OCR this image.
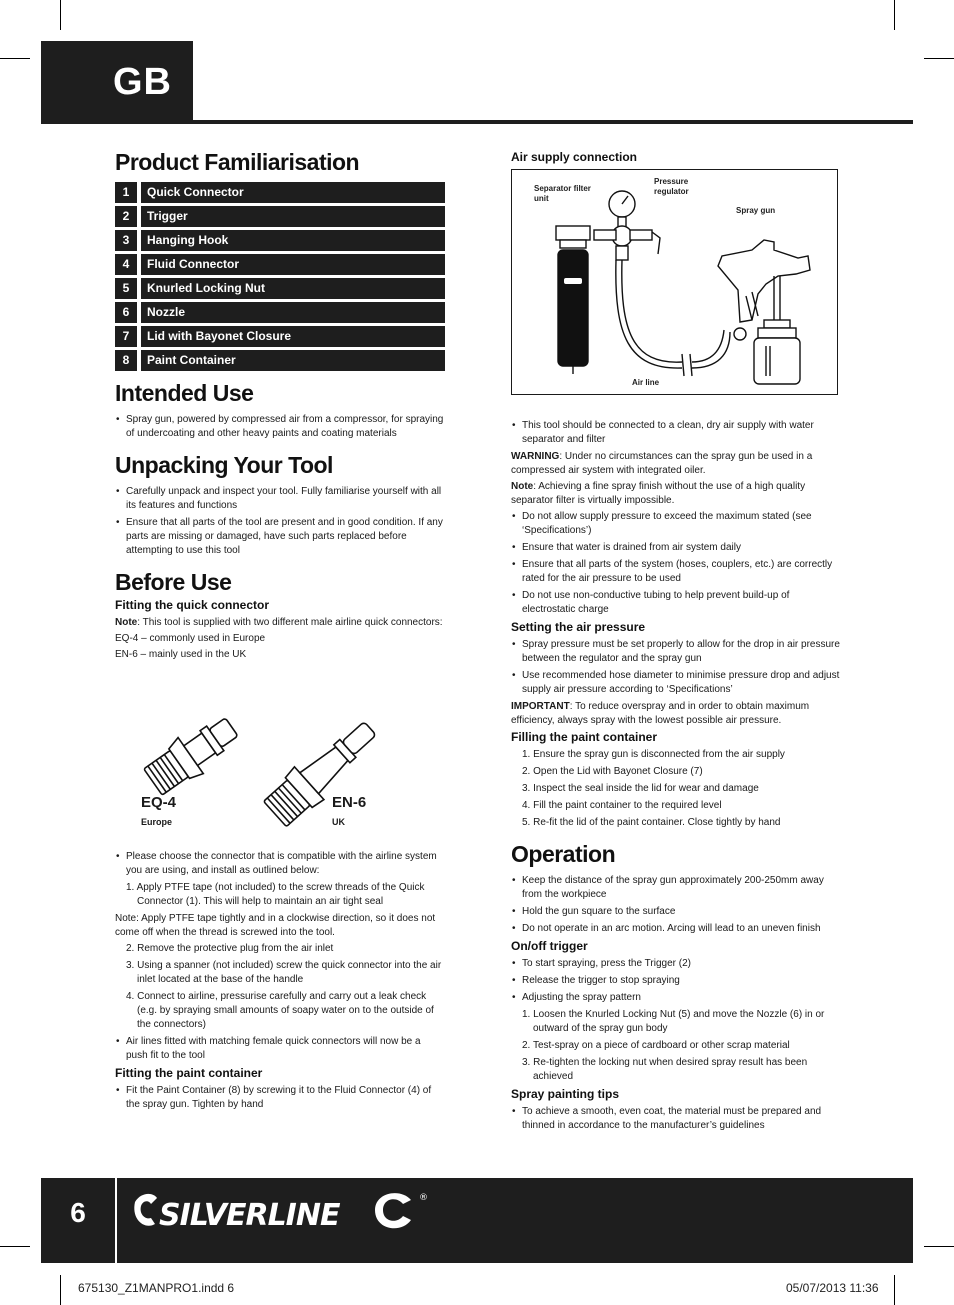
GB
Product Familiarisation
1	Quick Connector
2	Trigger
3	Hanging Hook
4	Fluid Connector
5	Knurled Locking Nut
6	Nozzle
7	Lid with Bayonet Closure
8	Paint Container
Intended Use
• Spray gun, powered by compressed air from a compressor, for spraying of undercoating and other heavy paints and coating materials
Unpacking Your Tool
• Carefully unpack and inspect your tool. Fully familiarise yourself with all its features and functions
• Ensure that all parts of the tool are present and in good condition. If any parts are missing or damaged, have such parts replaced before attempting to use this tool
Before Use
Fitting the quick connector

Note: This tool is supplied with two different male airline quick connectors:

EQ-4 – commonly used in Europe

EN-6 – mainly used in the UK

EQ-4
Europe
EN-6
UK
• Please choose the connector that is compatible with the airline system you are using, and install as outlined below:
1. Apply PTFE tape (not included) to the screw threads of the Quick Connector (1). This will help to maintain an air tight seal

Note: Apply PTFE tape tightly and in a clockwise direction, so it does not come off when the thread is screwed into the tool.

2. Remove the protective plug from the air inlet
3. Using a spanner (not included) screw the quick connector into the air inlet located at the base of the handle
4. Connect to airline, pressurise carefully and carry out a leak check (e.g. by spraying small amounts of soapy water on to the outside of the connectors)
• Air lines fitted with matching female quick connectors will now be a push fit to the tool
Fitting the paint container
• Fit the Paint Container (8) by screwing it to the Fluid Connector (4) of the spray gun. Tighten by hand
Air supply connection
Separator filter unit
Pressure regulator
Spray gun
Air line
• This tool should be connected to a clean, dry air supply with water separator and filter

WARNING: Under no circumstances can the spray gun be used in a compressed air system with integrated oiler.

Note: Achieving a fine spray finish without the use of a high quality separator filter is virtually impossible.

• Do not allow supply pressure to exceed the maximum stated (see ‘Specifications’)
• Ensure that water is drained from air system daily
• Ensure that all parts of the system (hoses, couplers, etc.) are correctly rated for the air pressure to be used
• Do not use non-conductive tubing to help prevent build-up of electrostatic charge
Setting the air pressure
• Spray pressure must be set properly to allow for the drop in air pressure between the regulator and the spray gun
• Use recommended hose diameter to minimise pressure drop and adjust supply air pressure according to ‘Specifications’

IMPORTANT: To reduce overspray and in order to obtain maximum efficiency, always spray with the lowest possible air pressure.

Filling the paint container
1. Ensure the spray gun is disconnected from the air supply
2. Open the Lid with Bayonet Closure (7)
3. Inspect the seal inside the lid for wear and damage
4. Fill the paint container to the required level
5. Re-fit the lid of the paint container. Close tightly by hand
Operation
• Keep the distance of the spray gun approximately 200-250mm away from the workpiece
• Hold the gun square to the surface
• Do not operate in an arc motion. Arcing will lead to an uneven finish
On/off trigger
• To start spraying, press the Trigger (2)
• Release the trigger to stop spraying
• Adjusting the spray pattern
1. Loosen the Knurled Locking Nut (5) and move the Nozzle (6) in or outward of the spray gun body
2. Test-spray on a piece of cardboard or other scrap material
3. Re-tighten the locking nut when desired spray result has been achieved
Spray painting tips
• To achieve a smooth, even coat, the material must be prepared and thinned in accordance to the manufacturer’s guidelines
6	SILVERLINE	®
675130_Z1MANPRO1.indd 6	05/07/2013 11:36
